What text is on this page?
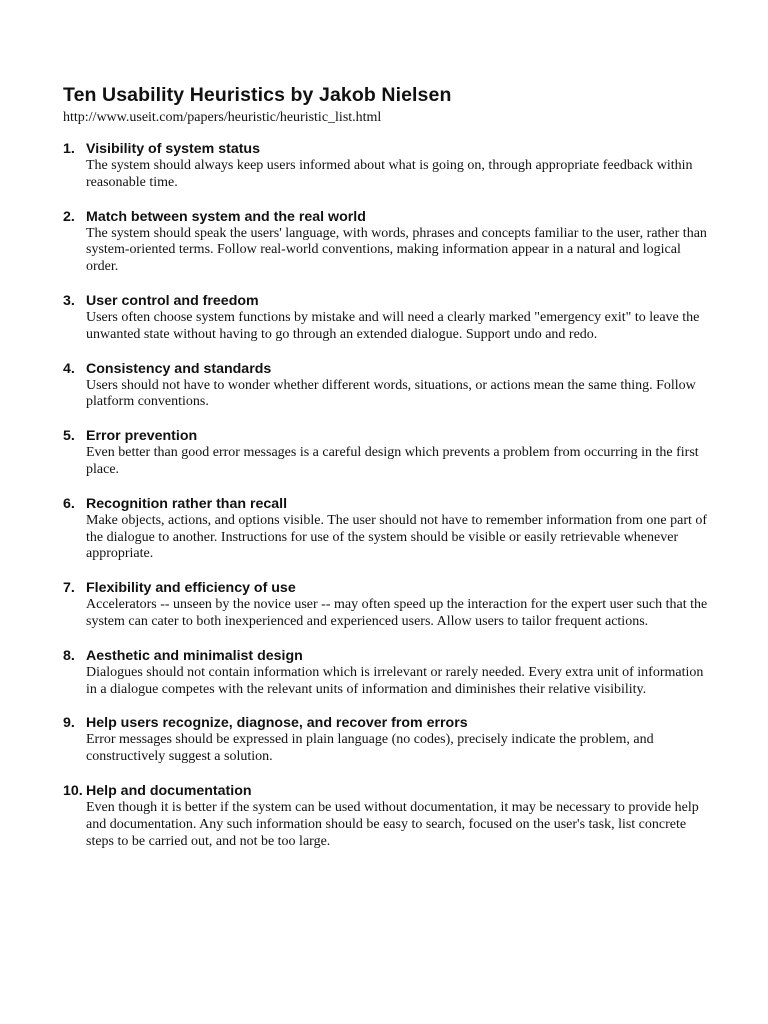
Ten Usability Heuristics by Jakob Nielsen
http://www.useit.com/papers/heuristic/heuristic_list.html
1. Visibility of system status

The system should always keep users informed about what is going on, through appropriate feedback within reasonable time.

2. Match between system and the real world

The system should speak the users' language, with words, phrases and concepts familiar to the user, rather than system-oriented terms. Follow real-world conventions, making information appear in a natural and logical order.

3. User control and freedom

Users often choose system functions by mistake and will need a clearly marked "emergency exit" to leave the unwanted state without having to go through an extended dialogue. Support undo and redo.

4. Consistency and standards

Users should not have to wonder whether different words, situations, or actions mean the same thing. Follow platform conventions.

5. Error prevention

Even better than good error messages is a careful design which prevents a problem from occurring in the first place.

6. Recognition rather than recall

Make objects, actions, and options visible. The user should not have to remember information from one part of the dialogue to another. Instructions for use of the system should be visible or easily retrievable whenever appropriate.

7. Flexibility and efficiency of use

Accelerators -- unseen by the novice user -- may often speed up the interaction for the expert user such that the system can cater to both inexperienced and experienced users. Allow users to tailor frequent actions.

8. Aesthetic and minimalist design

Dialogues should not contain information which is irrelevant or rarely needed. Every extra unit of information in a dialogue competes with the relevant units of information and diminishes their relative visibility.

9. Help users recognize, diagnose, and recover from errors

Error messages should be expressed in plain language (no codes), precisely indicate the problem, and constructively suggest a solution.

10. Help and documentation

Even though it is better if the system can be used without documentation, it may be necessary to provide help and documentation. Any such information should be easy to search, focused on the user's task, list concrete steps to be carried out, and not be too large.
